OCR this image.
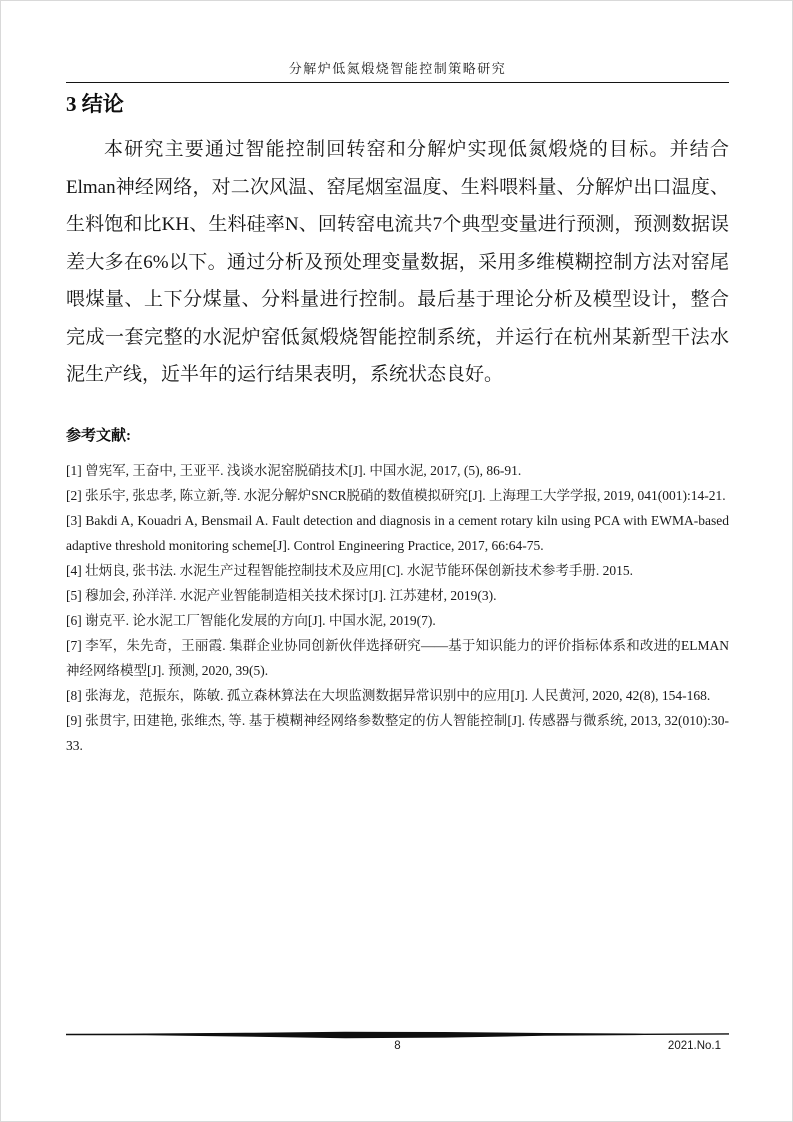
分解炉低氮煅烧智能控制策略研究
3 结论

本研究主要通过智能控制回转窑和分解炉实现低氮煅烧的目标。并结合Elman神经网络，对二次风温、窑尾烟室温度、生料喂料量、分解炉出口温度、生料饱和比KH、生料硅率N、回转窑电流共7个典型变量进行预测，预测数据误差大多在6%以下。通过分析及预处理变量数据，采用多维模糊控制方法对窑尾喂煤量、上下分煤量、分料量进行控制。最后基于理论分析及模型设计，整合完成一套完整的水泥炉窑低氮煅烧智能控制系统，并运行在杭州某新型干法水泥生产线，近半年的运行结果表明，系统状态良好。

参考文献:

[1] 曾宪军, 王奋中, 王亚平. 浅谈水泥窑脱硝技术[J]. 中国水泥, 2017, (5), 86-91.

[2] 张乐宇, 张忠孝, 陈立新,等. 水泥分解炉SNCR脱硝的数值模拟研究[J]. 上海理工大学学报, 2019, 041(001):14-21.

[3] Bakdi A, Kouadri A, Bensmail A. Fault detection and diagnosis in a cement rotary kiln using PCA with EWMA-based adaptive threshold monitoring scheme[J]. Control Engineering Practice, 2017, 66:64-75.

[4] 壮炳良, 张书法. 水泥生产过程智能控制技术及应用[C]. 水泥节能环保创新技术参考手册. 2015.

[5] 穆加会, 孙洋洋. 水泥产业智能制造相关技术探讨[J]. 江苏建材, 2019(3).

[6] 谢克平. 论水泥工厂智能化发展的方向[J]. 中国水泥, 2019(7).

[7] 李军，朱先奇，王丽霞. 集群企业协同创新伙伴选择研究——基于知识能力的评价指标体系和改进的ELMAN 神经网络模型[J]. 预测, 2020, 39(5).

[8] 张海龙，范振东，陈敏. 孤立森林算法在大坝监测数据异常识别中的应用[J]. 人民黄河, 2020, 42(8), 154-168.

[9] 张贯宇, 田建艳, 张维杰, 等. 基于模糊神经网络参数整定的仿人智能控制[J]. 传感器与微系统, 2013, 32(010):30-33.

8	2021.No.1
